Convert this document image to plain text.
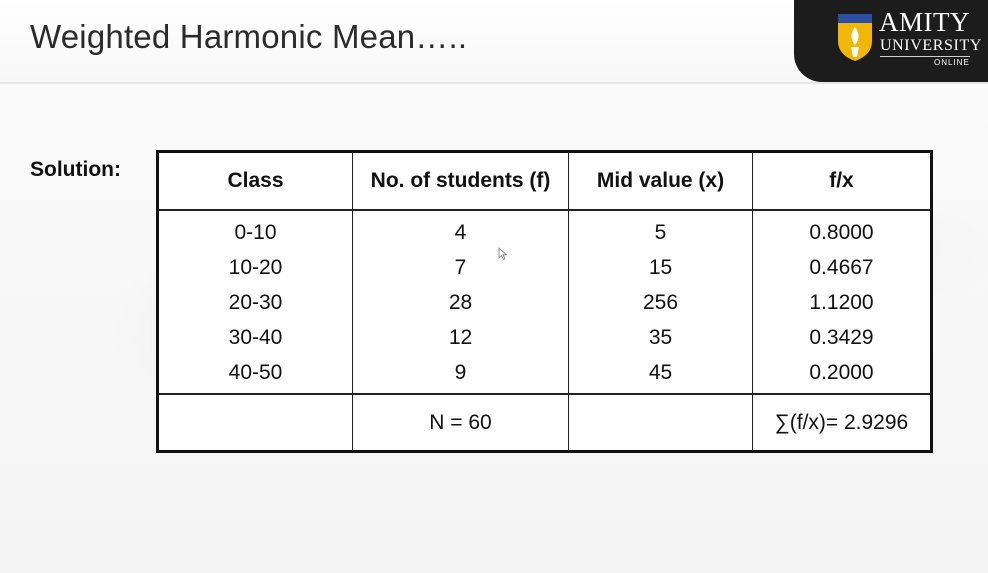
Weighted Harmonic Mean…..	AMITY
UNIVERSITY
ONLINE
Solution:	Class	No. of students (f)	Mid value (x)	f/x
0-10	4	5	0.8000
10-20	7	15	0.4667
20-30	28	256	1.1200
30-40	12	35	0.3429
40-50	9	45	0.2000
	N = 60		∑(f/x)= 2.9296
